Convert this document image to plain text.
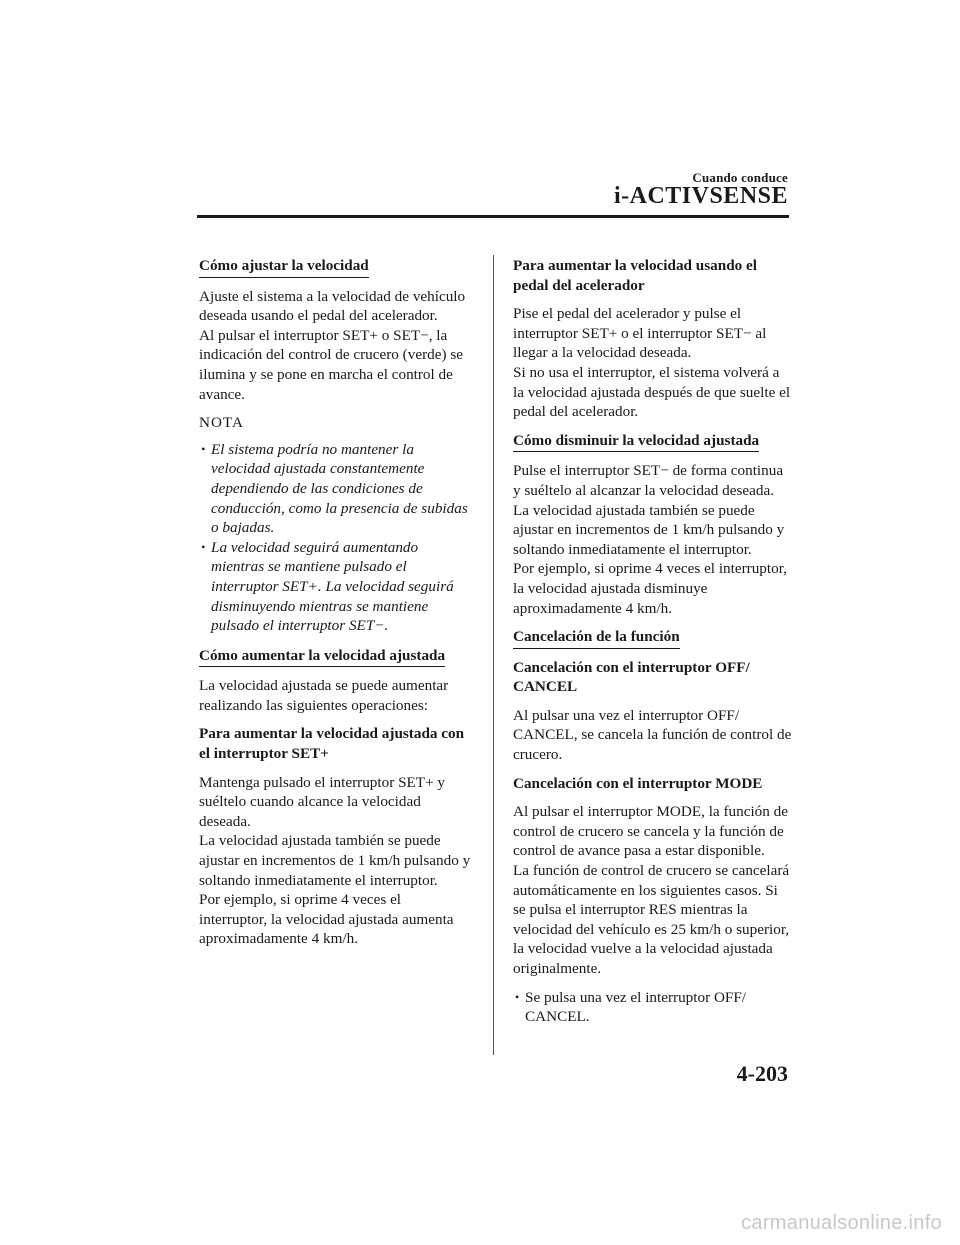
Cuando conduce
i-ACTIVSENSE

Cómo ajustar la velocidad

Ajuste el sistema a la velocidad de vehículo deseada usando el pedal del acelerador.

Al pulsar el interruptor SET+ o SET−, la indicación del control de crucero (verde) se ilumina y se pone en marcha el control de avance.

NOTA

• El sistema podría no mantener la velocidad ajustada constantemente dependiendo de las condiciones de conducción, como la presencia de subidas o bajadas.
• La velocidad seguirá aumentando mientras se mantiene pulsado el interruptor SET+. La velocidad seguirá disminuyendo mientras se mantiene pulsado el interruptor SET−.

Cómo aumentar la velocidad ajustada

La velocidad ajustada se puede aumentar realizando las siguientes operaciones:

Para aumentar la velocidad ajustada con el interruptor SET+

Mantenga pulsado el interruptor SET+ y suéltelo cuando alcance la velocidad deseada.

La velocidad ajustada también se puede ajustar en incrementos de 1 km/h pulsando y soltando inmediatamente el interruptor.

Por ejemplo, si oprime 4 veces el interruptor, la velocidad ajustada aumenta aproximadamente 4 km/h.

Para aumentar la velocidad usando el pedal del acelerador

Pise el pedal del acelerador y pulse el interruptor SET+ o el interruptor SET− al llegar a la velocidad deseada.

Si no usa el interruptor, el sistema volverá a la velocidad ajustada después de que suelte el pedal del acelerador.

Cómo disminuir la velocidad ajustada

Pulse el interruptor SET− de forma continua y suéltelo al alcanzar la velocidad deseada.

La velocidad ajustada también se puede ajustar en incrementos de 1 km/h pulsando y soltando inmediatamente el interruptor.

Por ejemplo, si oprime 4 veces el interruptor, la velocidad ajustada disminuye aproximadamente 4 km/h.

Cancelación de la función

Cancelación con el interruptor OFF/ CANCEL

Al pulsar una vez el interruptor OFF/ CANCEL, se cancela la función de control de crucero.

Cancelación con el interruptor MODE

Al pulsar el interruptor MODE, la función de control de crucero se cancela y la función de control de avance pasa a estar disponible.

La función de control de crucero se cancelará automáticamente en los siguientes casos. Si se pulsa el interruptor RES mientras la velocidad del vehículo es 25 km/h o superior, la velocidad vuelve a la velocidad ajustada originalmente.

• Se pulsa una vez el interruptor OFF/ CANCEL.
4-203
carmanualsonline.info
